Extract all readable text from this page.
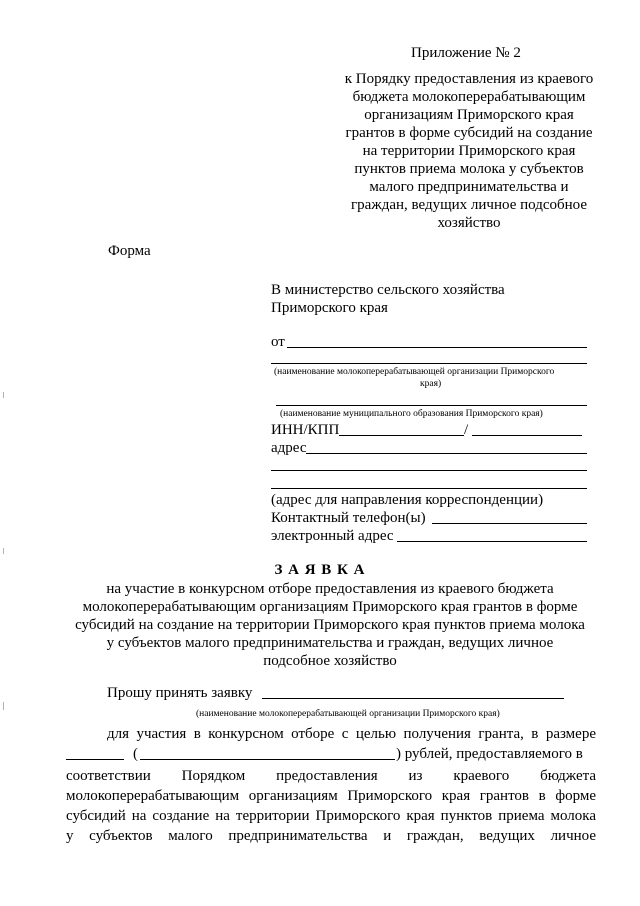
Приложение № 2
к Порядку предоставления из краевого
бюджета молокоперерабатывающим
организациям Приморского края
грантов в форме субсидий на создание
на территории Приморского края
пунктов приема молока у субъектов
малого предпринимательства и
граждан, ведущих личное подсобное
хозяйство
Форма
В министерство сельского хозяйства
Приморского края
от
(наименование молокоперерабатывающей организации Приморского
края)
(наименование муниципального образования Приморского края)
ИНН/КПП	/
адрес
(адрес для направления корреспонденции)
Контактный телефон(ы)
электронный адрес
З А Я В К А
на участие в конкурсном отборе предоставления из краевого бюджета
молокоперерабатывающим организациям Приморского края грантов в форме
субсидий на создание на территории Приморского края пунктов приема молока
у субъектов малого предпринимательства и граждан, ведущих личное
подсобное хозяйство
Прошу принять заявку
(наименование молокоперерабатывающей организации Приморского края)
для участия в конкурсном отборе с целью получения гранта, в размере
(	) рублей, предоставляемого в
соответствии Порядком предоставления из краевого бюджета
молокоперерабатывающим организациям Приморского края грантов в форме
субсидий на создание на территории Приморского края пунктов приема молока
у субъектов малого предпринимательства и граждан, ведущих личное
